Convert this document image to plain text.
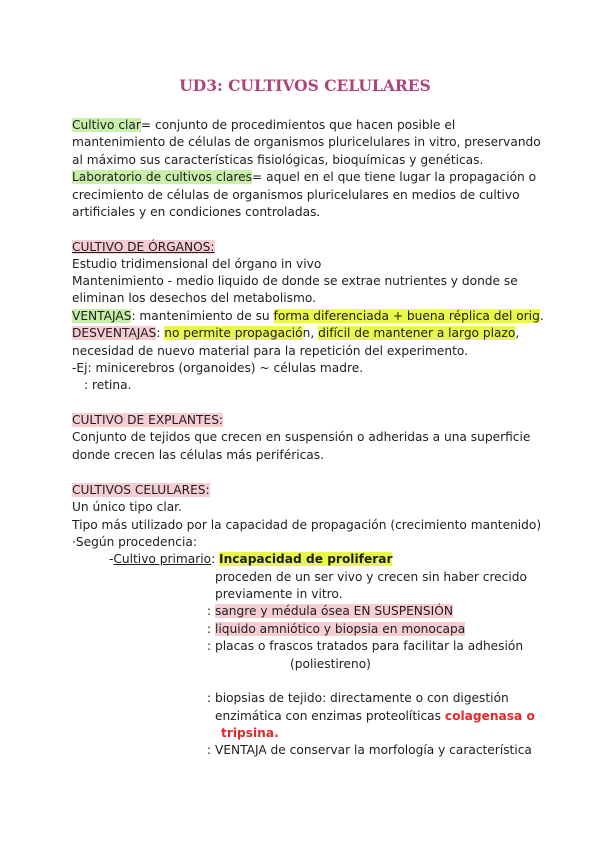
UD3: CULTIVOS CELULARES
Cultivo clar= conjunto de procedimientos que hacen posible el
mantenimiento de células de organismos pluricelulares in vitro, preservando
al máximo sus características fisiológicas, bioquímicas y genéticas.
Laboratorio de cultivos clares= aquel en el que tiene lugar la propagación o
crecimiento de células de organismos pluricelulares en medios de cultivo
artificiales y en condiciones controladas.
CULTIVO DE ÓRGANOS:
Estudio tridimensional del órgano in vivo
Mantenimiento - medio liquido de donde se extrae nutrientes y donde se
eliminan los desechos del metabolismo.
VENTAJAS: mantenimiento de su forma diferenciada + buena réplica del orig.
DESVENTAJAS: no permite propagación, difícil de mantener a largo plazo,
necesidad de nuevo material para la repetición del experimento.
-Ej: minicerebros (organoides) ~ células madre.
: retina.
CULTIVO DE EXPLANTES:
Conjunto de tejidos que crecen en suspensión o adheridas a una superficie
donde crecen las células más periféricas.
CULTIVOS CELULARES:
Un único tipo clar.
Tipo más utilizado por la capacidad de propagación (crecimiento mantenido)
·Según procedencia:
-Cultivo primario: Incapacidad de proliferar
proceden de un ser vivo y crecen sin haber crecido
previamente in vitro.
: sangre y médula ósea EN SUSPENSIÓN
: liquido amniótico y biopsia en monocapa
: placas o frascos tratados para facilitar la adhesión
(poliestireno)
: biopsias de tejido: directamente o con digestión
enzimática con enzimas proteolíticas colagenasa o
tripsina.
: VENTAJA de conservar la morfología y característica
